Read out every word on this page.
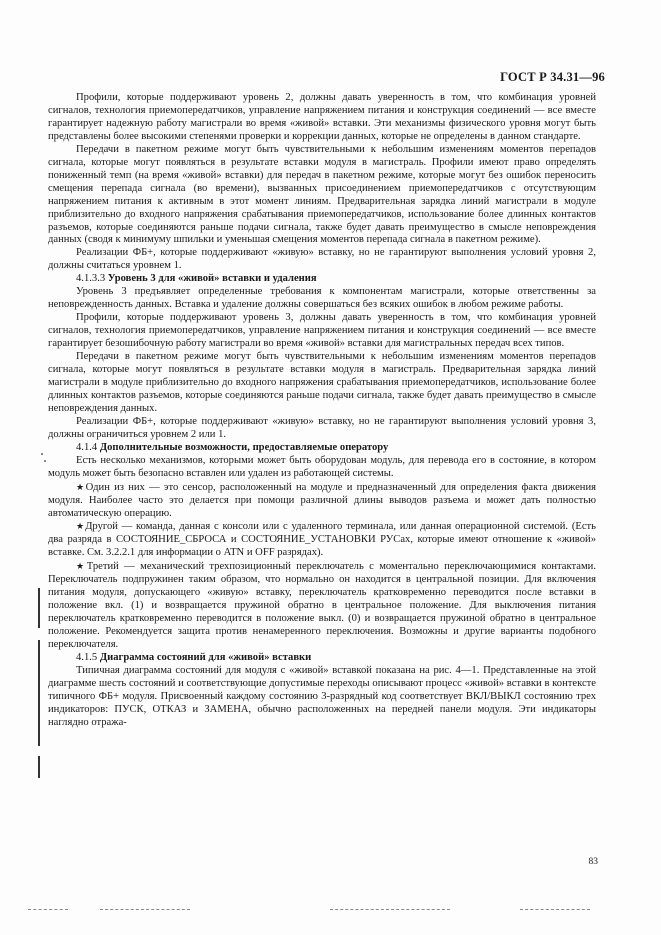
ГОСТ Р 34.31—96

Профили, которые поддерживают уровень 2, должны давать уверенность в том, что комбинация уровней сигналов, технология приемопередатчиков, управление напряжением питания и конструкция соединений — все вместе гарантирует надежную работу магистрали во время «живой» вставки. Эти механизмы физического уровня могут быть представлены более высокими степенями проверки и коррекции данных, которые не определены в данном стандарте.

Передачи в пакетном режиме могут быть чувствительными к небольшим изменениям моментов перепадов сигнала, которые могут появляться в результате вставки модуля в магистраль. Профили имеют право определять пониженный темп (на время «живой» вставки) для передач в пакетном режиме, которые могут без ошибок переносить смещения перепада сигнала (во времени), вызванных присоединением приемопередатчиков с отсутствующим напряжением питания к активным в этот момент линиям. Предварительная зарядка линий магистрали в модуле приблизительно до входного напряжения срабатывания приемопередатчиков, использование более длинных контактов разъемов, которые соединяются раньше подачи сигнала, также будет давать преимущество в смысле неповреждения данных (сводя к минимуму шпильки и уменьшая смещения моментов перепада сигнала в пакетном режиме).

Реализации ФБ+, которые поддерживают «живую» вставку, но не гарантируют выполнения условий уровня 2, должны считаться уровнем 1.

4.1.3.3 Уровень 3 для «живой» вставки и удаления

Уровень 3 предъявляет определенные требования к компонентам магистрали, которые ответственны за неповрежденность данных. Вставка и удаление должны совершаться без всяких ошибок в любом режиме работы.

Профили, которые поддерживают уровень 3, должны давать уверенность в том, что комбинация уровней сигналов, технология приемопередатчиков, управление напряжением питания и конструкция соединений — все вместе гарантирует безошибочную работу магистрали во время «живой» вставки для магистральных передач всех типов.

Передачи в пакетном режиме могут быть чувствительными к небольшим изменениям моментов перепадов сигнала, которые могут появляться в результате вставки модуля в магистраль. Предварительная зарядка линий магистрали в модуле приблизительно до входного напряжения срабатывания приемопередатчиков, использование более длинных контактов разъемов, которые соединяются раньше подачи сигнала, также будет давать преимущество в смысле неповреждения данных.

Реализации ФБ+, которые поддерживают «живую» вставку, но не гарантируют выполнения условий уровня 3, должны ограничиться уровнем 2 или 1.

4.1.4 Дополнительные возможности, предоставляемые оператору

Есть несколько механизмов, которыми может быть оборудован модуль, для перевода его в состояние, в котором модуль может быть безопасно вставлен или удален из работающей системы.

★Один из них — это сенсор, расположенный на модуле и предназначенный для определения факта движения модуля. Наиболее часто это делается при помощи различной длины выводов разъема и может дать полностью автоматическую операцию.

★Другой — команда, данная с консоли или с удаленного терминала, или данная операционной системой. (Есть два разряда в СОСТОЯНИЕ_СБРОСА и СОСТОЯНИЕ_УСТАНОВКИ РУСах, которые имеют отношение к «живой» вставке. См. 3.2.2.1 для информации о ATN и OFF разрядах).

★Третий — механический трехпозиционный переключатель с моментально переключающимися контактами. Переключатель подпружинен таким образом, что нормально он находится в центральной позиции. Для включения питания модуля, допускающего «живую» вставку, переключатель кратковременно переводится после вставки в положение вкл. (1) и возвращается пружиной обратно в центральное положение. Для выключения питания переключатель кратковременно переводится в положение выкл. (0) и возвращается пружиной обратно в центральное положение. Рекомендуется защита против ненамеренного переключения. Возможны и другие варианты подобного переключателя.

4.1.5 Диаграмма состояний для «живой» вставки

Типичная диаграмма состояний для модуля с «живой» вставкой показана на рис. 4—1. Представленные на этой диаграмме шесть состояний и соответствующие допустимые переходы описывают процесс «живой» вставки в контексте типичного ФБ+ модуля. Присвоенный каждому состоянию 3-разрядный код соответствует ВКЛ/ВЫКЛ состоянию трех индикаторов: ПУСК, ОТКАЗ и ЗАМЕНА, обычно расположенных на передней панели модуля. Эти индикаторы наглядно отража-

83
